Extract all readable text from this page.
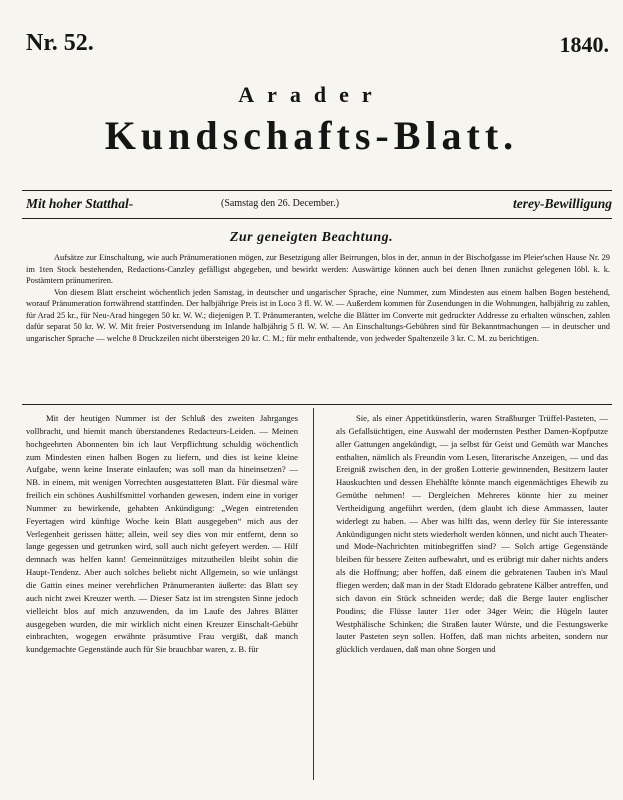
Nr. 52.	1840.
Arader
Kundschafts-Blatt.
Mit hoher Statthal-	(Samstag den 26. December.)	terey-Bewilligung
Zur geneigten Beachtung.

Aufsätze zur Einschaltung, wie auch Pränumerationen mögen, zur Besetzigung aller Beirrungen, blos in der, annun in der Bischofgasse im Pleier'schen Hause Nr. 29 im 1ten Stock bestehenden, Redactions-Canzley gefälligst abgegeben, und bewirkt werden: Auswärtige können auch bei denen Ihnen zunächst gelegenen löbl. k. k. Postämtern pränumeriren.

Von diesem Blatt erscheint wöchentlich jeden Samstag, in deutscher und ungarischer Sprache, eine Nummer, zum Mindesten aus einem halben Bogen bestehend, worauf Pränumeration fortwährend stattfinden. Der halbjährige Preis ist in Loco 3 fl. W. W. — Außerdem kommen für Zusendungen in die Wohnungen, halbjährig zu zahlen, für Arad 25 kr., für Neu-Arad hingegen 50 kr. W. W.; diejenigen P. T. Pränumeranten, welche die Blätter im Converte mit gedruckter Addresse zu erhalten wünschen, zahlen dafür separat 50 kr. W. W. Mit freier Postversendung im Inlande halbjährig 5 fl. W. W. — An Einschaltungs-Gebühren sind für Bekanntmachungen — in deutscher und ungarischer Sprache — welche 8 Druckzeilen nicht übersteigen 20 kr. C. M.; für mehr enthaltende, von jedweder Spaltenzeile 3 kr. C. M. zu berichtigen.

Mit der heutigen Nummer ist der Schluß des zweiten Jahrganges vollbracht, und hiemit manch überstandenes Redacteurs-Leiden. — Meinen hochgeehrten Abonnenten bin ich laut Verpflichtung schuldig wöchentlich zum Mindesten einen halben Bogen zu liefern, und dies ist keine kleine Aufgabe, wenn keine Inserate einlaufen; was soll man da hineinsetzen? — NB. in einem, mit wenigen Vorrechten ausgestatteten Blatt. Für diesmal wäre freilich ein schönes Aushilfsmittel vorhanden gewesen, indem eine in voriger Nummer zu bewirkende, gehabten Ankündigung: „Wegen eintretenden Feyertagen wird künftige Woche kein Blatt ausgegeben“ mich aus der Verlegenheit gerissen hätte; allein, weil sey dies von mir entfernt, denn so lange gegessen und getrunken wird, soll auch nicht gefeyert werden. — Hilf demnach was helfen kann! Gemeinnütziges mitzutheilen bleibt sohin die Haupt-Tendenz. Aber auch solches beliebt nicht Allgemein, so wie unlängst die Gattin eines meiner verehrlichen Pränumeranten äußerte: das Blatt sey auch nicht zwei Kreuzer werth. — Dieser Satz ist im strengsten Sinne jedoch vielleicht blos auf mich anzuwenden, da im Laufe des Jahres Blätter ausgegeben wurden, die mir wirklich nicht einen Kreuzer Einschalt-Gebühr einbrachten, wogegen erwähnte präsumtive Frau vergißt, daß manch kundgemachte Gegenstände auch für Sie brauchbar waren, z. B. für

Sie, als einer Appetitkünstlerin, waren Straßburger Trüffel-Pasteten, — als Gefallsüchtigen, eine Auswahl der modernsten Pesther Damen-Kopfputze aller Gattungen angekündigt, — ja selbst für Geist und Gemüth war Manches enthalten, nämlich als Freundin vom Lesen, literarische Anzeigen, — und das Ereigniß zwischen den, in der großen Lotterie gewinnenden, Besitzern lauter Hauskuchten und dessen Ehehälfte könnte manch eigenmächtiges Ehewib zu Gemüthe nehmen! — Dergleichen Mehreres könnte hier zu meiner Vertheidigung angeführt werden, (dem glaubt ich diese Ammassen, lauter widerlegt zu haben. — Aber was hilft das, wenn derley für Sie interessante Ankündigungen nicht stets wiederholt werden können, und nicht auch Theater- und Mode-Nachrichten mitinbegriffen sind? — Solch artige Gegenstände bleiben für bessere Zeiten aufbewahrt, und es erübrigt mir daher nichts anders als die Hoffnung; aber hoffen, daß einem die gebratenen Tauben in's Maul fliegen werden; daß man in der Stadt Eldorado gebratene Kälber antreffen, und sich davon ein Stück schneiden werde; daß die Berge lauter englischer Poudins; die Flüsse lauter 11er oder 34ger Wein; die Hügeln lauter Westphälische Schinken; die Straßen lauter Würste, und die Festungswerke lauter Pasteten seyn sollen. Hoffen, daß man nichts arbeiten, sondern nur glücklich verdauen, daß man ohne Sorgen und
